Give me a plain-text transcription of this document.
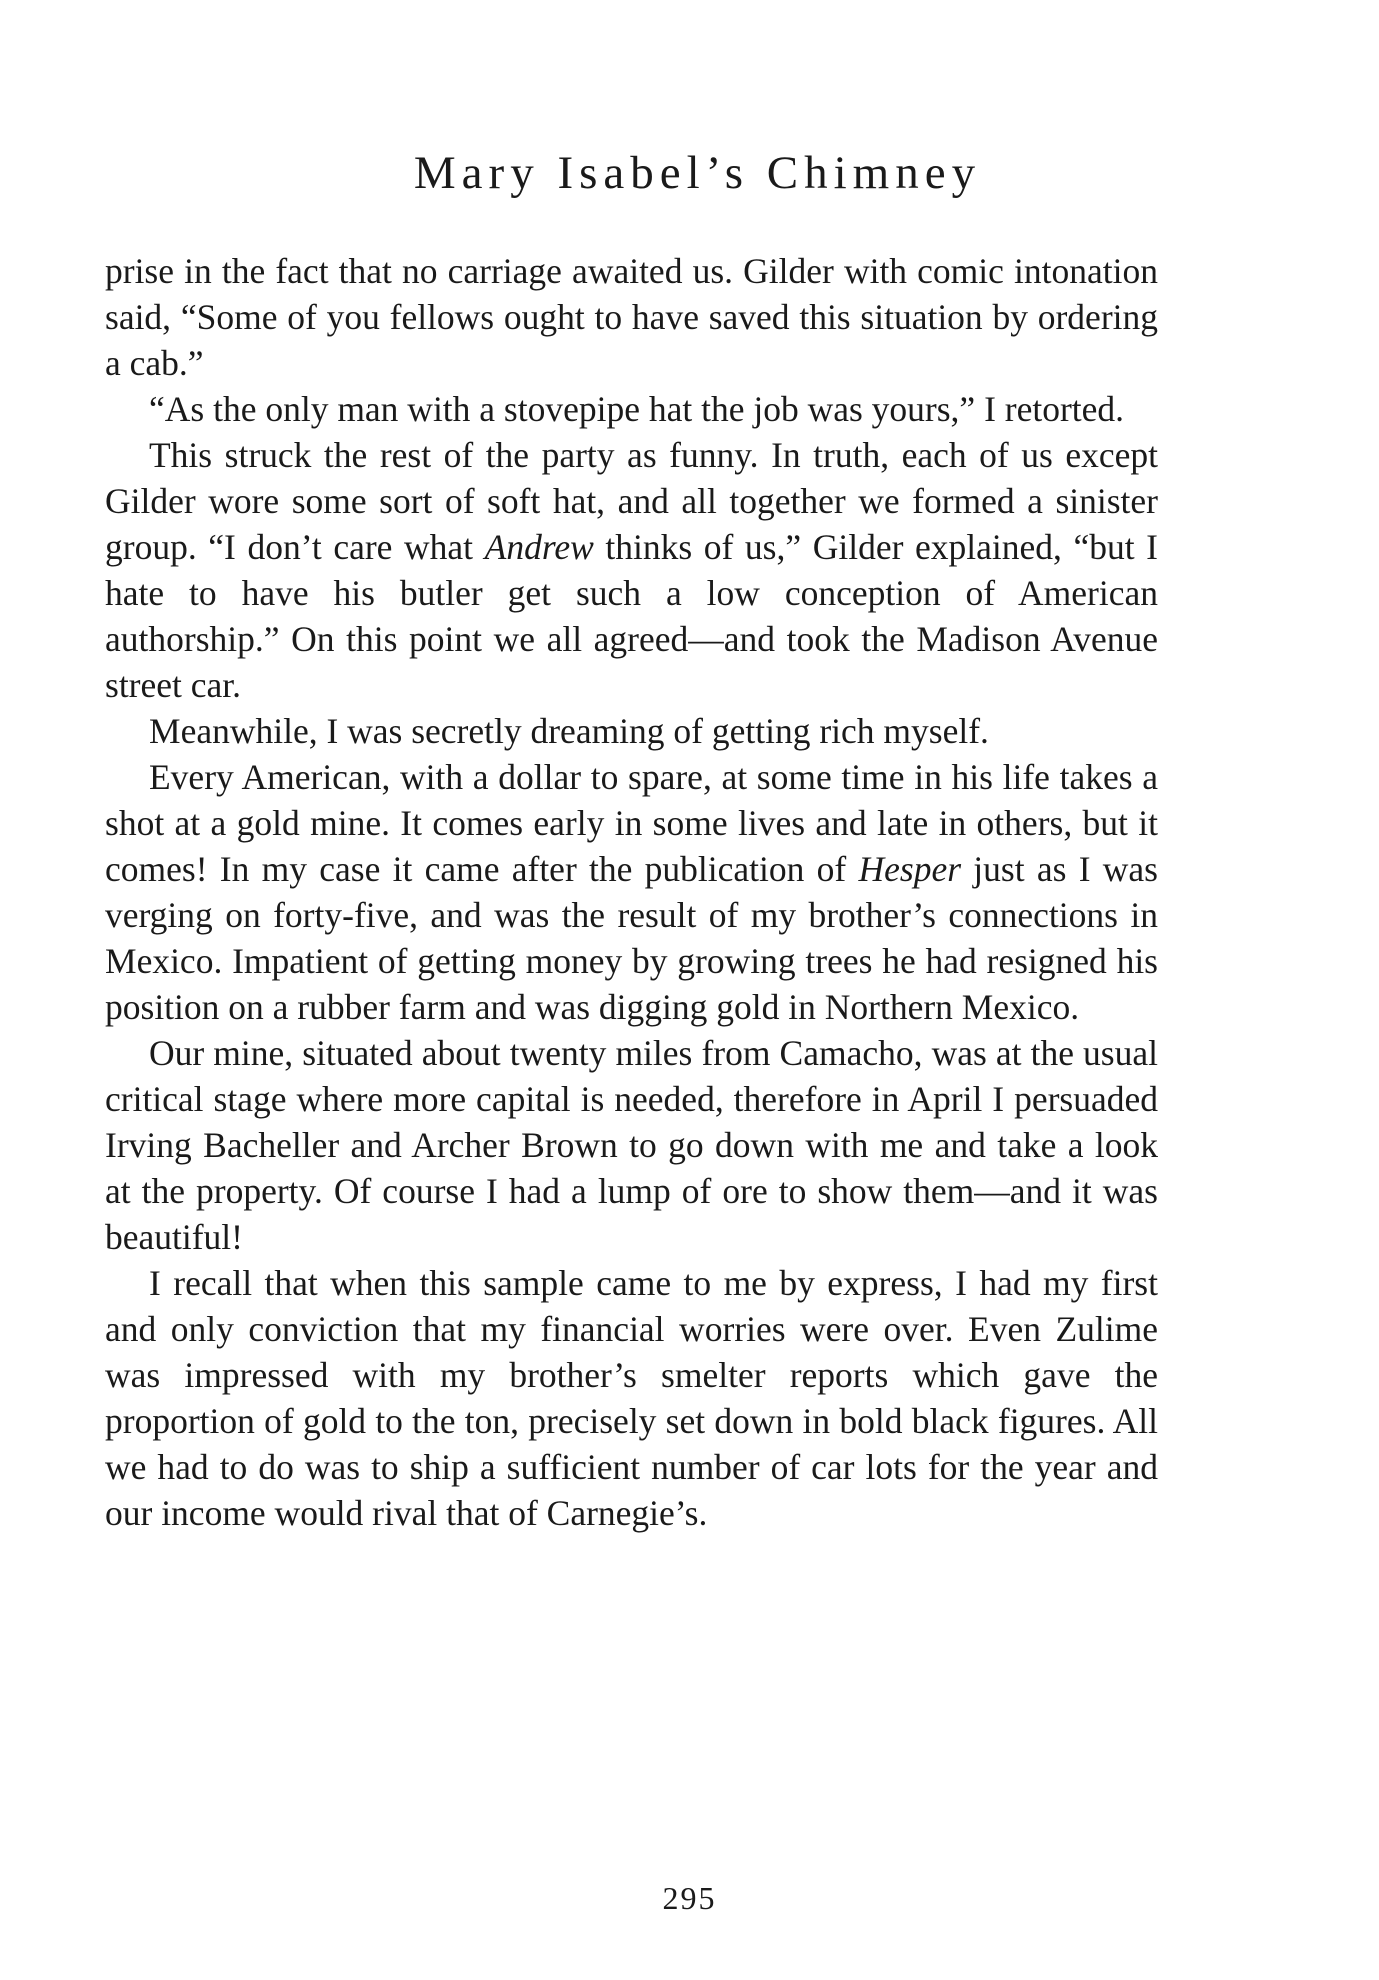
Mary Isabel’s Chimney

prise in the fact that no carriage awaited us. Gilder with comic intonation said, “Some of you fellows ought to have saved this situation by ordering a cab.”

“As the only man with a stovepipe hat the job was yours,” I retorted.

This struck the rest of the party as funny. In truth, each of us except Gilder wore some sort of soft hat, and all together we formed a sinister group. “I don’t care what Andrew thinks of us,” Gilder explained, “but I hate to have his butler get such a low conception of American authorship.” On this point we all agreed—and took the Madison Avenue street car.

Meanwhile, I was secretly dreaming of getting rich myself.

Every American, with a dollar to spare, at some time in his life takes a shot at a gold mine. It comes early in some lives and late in others, but it comes! In my case it came after the publication of Hesper just as I was verging on forty-five, and was the result of my brother’s connections in Mexico. Impatient of getting money by growing trees he had resigned his position on a rubber farm and was digging gold in Northern Mexico.

Our mine, situated about twenty miles from Camacho, was at the usual critical stage where more capital is needed, therefore in April I persuaded Irving Bacheller and Archer Brown to go down with me and take a look at the property. Of course I had a lump of ore to show them—and it was beautiful!

I recall that when this sample came to me by express, I had my first and only conviction that my financial worries were over. Even Zulime was impressed with my brother’s smelter reports which gave the proportion of gold to the ton, precisely set down in bold black figures. All we had to do was to ship a sufficient number of car lots for the year and our income would rival that of Carnegie’s.

295
